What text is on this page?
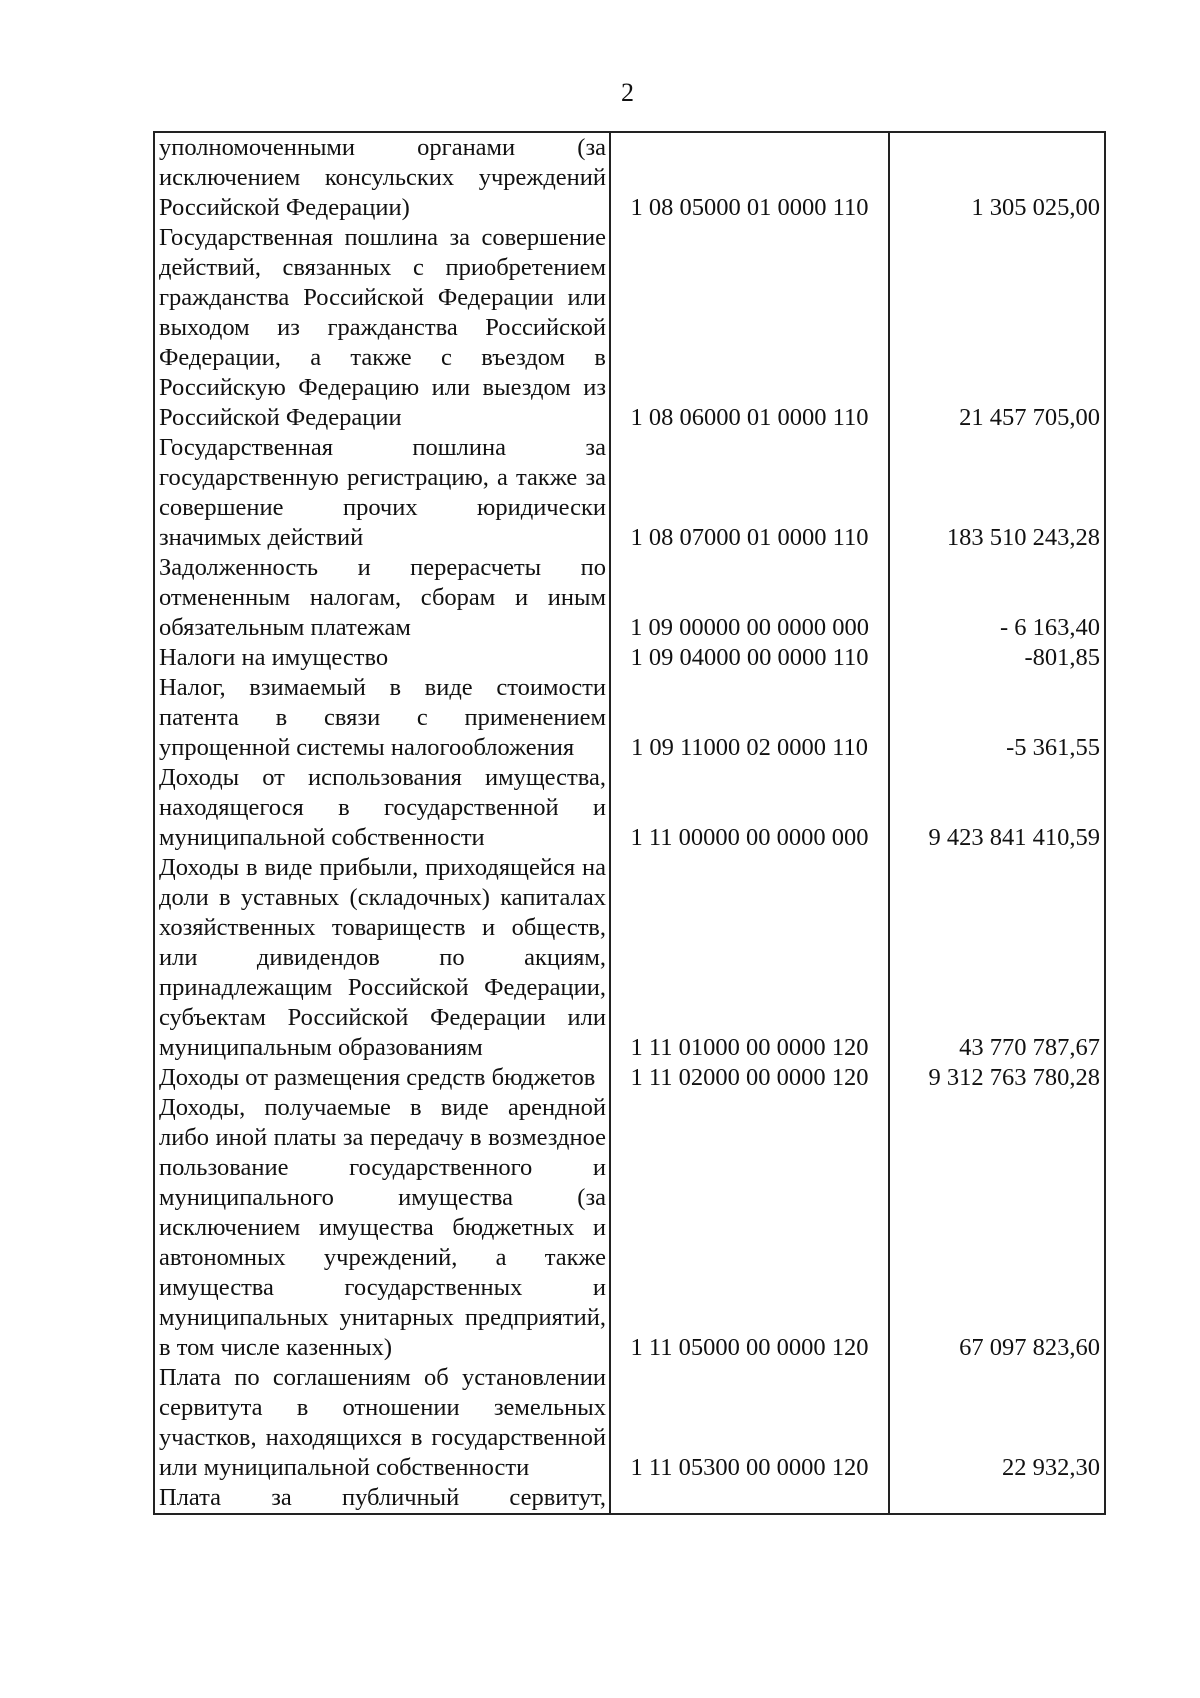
2
уполномоченными органами (за исключением консульских учреждений Российской Федерации)	1 08 05000 01 0000 110	1 305 025,00
Государственная пошлина за совершение действий, связанных с приобретением гражданства Российской Федерации или выходом из гражданства Российской Федерации, а также с въездом в Российскую Федерацию или выездом из Российской Федерации	1 08 06000 01 0000 110	21 457 705,00
Государственная пошлина за государственную регистрацию, а также за совершение прочих юридически значимых действий	1 08 07000 01 0000 110	183 510 243,28
Задолженность и перерасчеты по отмененным налогам, сборам и иным обязательным платежам	1 09 00000 00 0000 000	- 6 163,40
Налоги на имущество	1 09 04000 00 0000 110	-801,85
Налог, взимаемый в виде стоимости патента в связи с применением упрощенной системы налогообложения	1 09 11000 02 0000 110	-5 361,55
Доходы от использования имущества, находящегося в государственной и муниципальной собственности	1 11 00000 00 0000 000	9 423 841 410,59
Доходы в виде прибыли, приходящейся на доли в уставных (складочных) капиталах хозяйственных товариществ и обществ, или дивидендов по акциям, принадлежащим Российской Федерации, субъектам Российской Федерации или муниципальным образованиям	1 11 01000 00 0000 120	43 770 787,67
Доходы от размещения средств бюджетов	1 11 02000 00 0000 120	9 312 763 780,28
Доходы, получаемые в виде арендной либо иной платы за передачу в возмездное пользование государственного и муниципального имущества (за исключением имущества бюджетных и автономных учреждений, а также имущества государственных и муниципальных унитарных предприятий, в том числе казенных)	1 11 05000 00 0000 120	67 097 823,60
Плата по соглашениям об установлении сервитута в отношении земельных участков, находящихся в государственной или муниципальной собственности	1 11 05300 00 0000 120	22 932,30
Плата за публичный сервитут,		
